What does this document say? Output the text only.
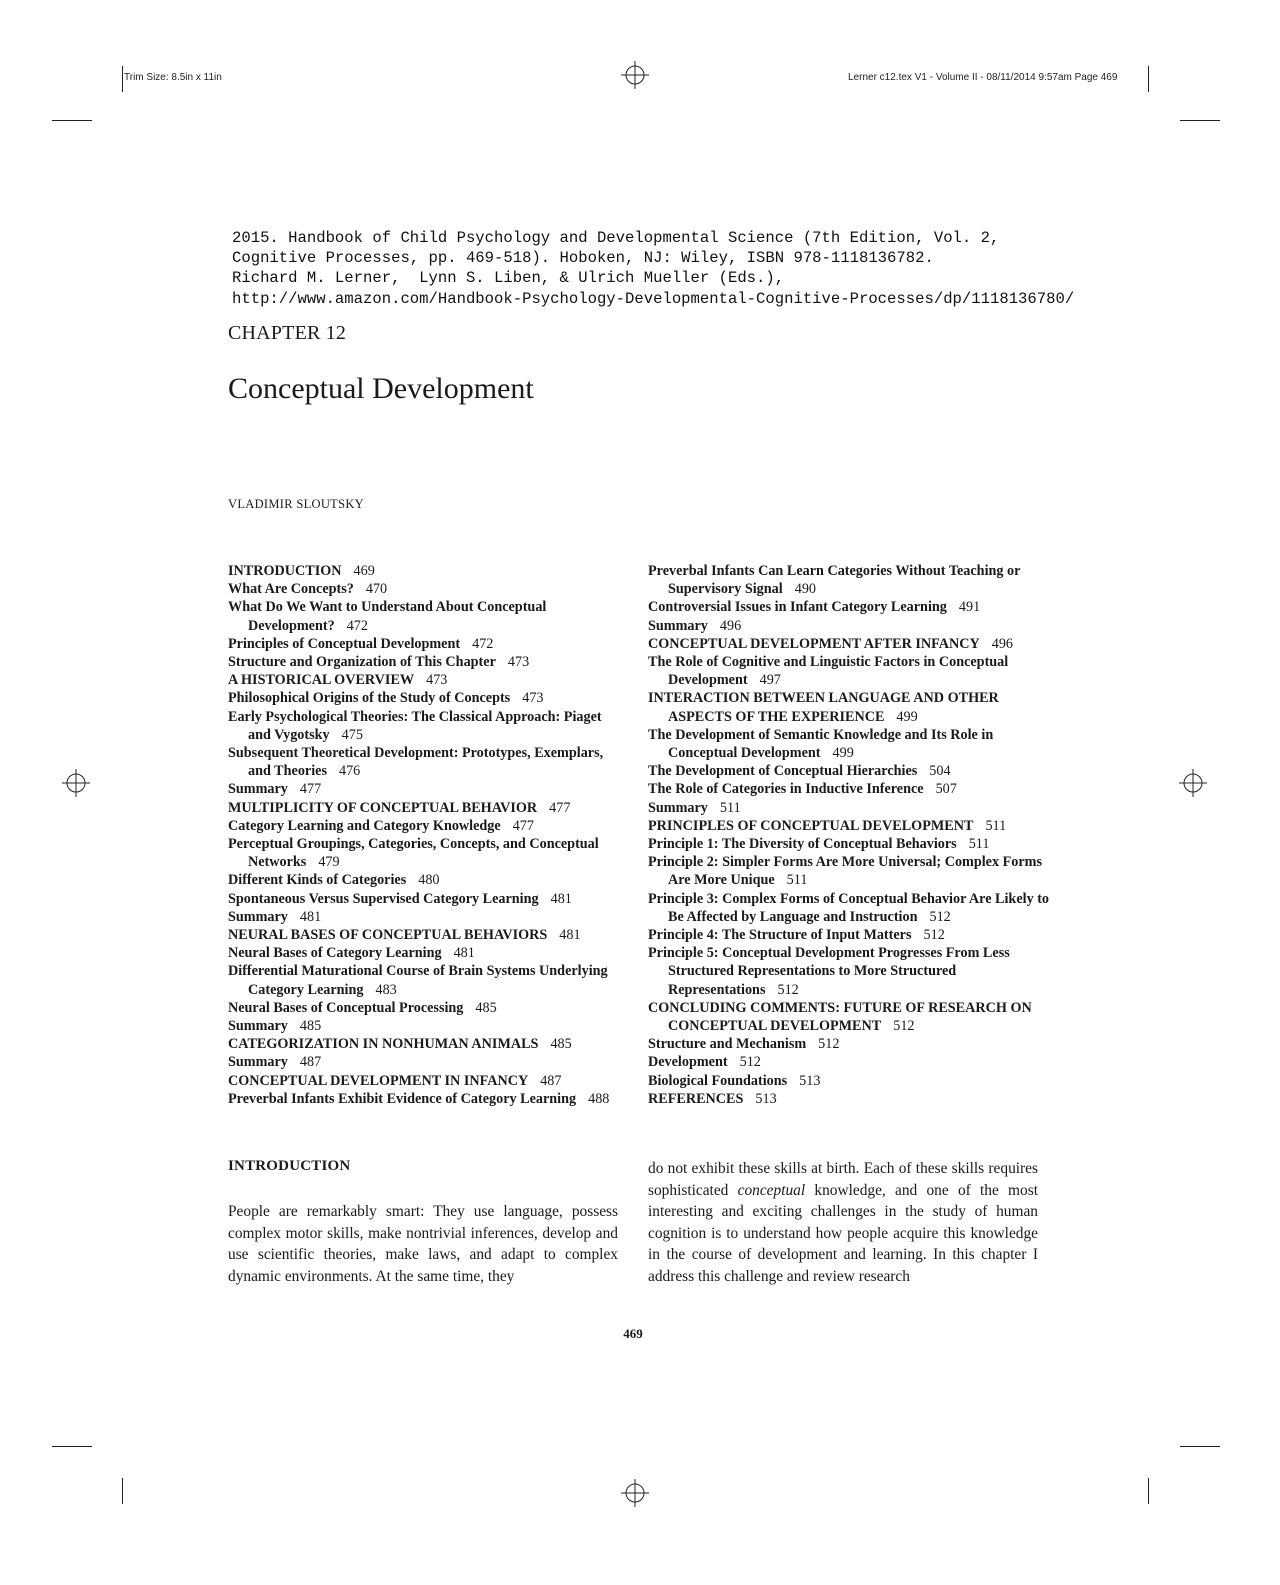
Trim Size: 8.5in x 11in	Lerner c12.tex V1 - Volume II - 08/11/2014 9:57am Page 469
2015. Handbook of Child Psychology and Developmental Science (7th Edition, Vol. 2,
Cognitive Processes, pp. 469-518). Hoboken, NJ: Wiley, ISBN 978-1118136782.
Richard M. Lerner,  Lynn S. Liben, & Ulrich Mueller (Eds.),
http://www.amazon.com/Handbook-Psychology-Developmental-Cognitive-Processes/dp/1118136780/
CHAPTER 12
Conceptual Development
VLADIMIR SLOUTSKY
INTRODUCTION 469
What Are Concepts? 470
What Do We Want to Understand About Conceptual Development? 472
Principles of Conceptual Development 472
Structure and Organization of This Chapter 473
A HISTORICAL OVERVIEW 473
Philosophical Origins of the Study of Concepts 473
Early Psychological Theories: The Classical Approach: Piaget and Vygotsky 475
Subsequent Theoretical Development: Prototypes, Exemplars, and Theories 476
Summary 477
MULTIPLICITY OF CONCEPTUAL BEHAVIOR 477
Category Learning and Category Knowledge 477
Perceptual Groupings, Categories, Concepts, and Conceptual Networks 479
Different Kinds of Categories 480
Spontaneous Versus Supervised Category Learning 481
Summary 481
NEURAL BASES OF CONCEPTUAL BEHAVIORS 481
Neural Bases of Category Learning 481
Differential Maturational Course of Brain Systems Underlying Category Learning 483
Neural Bases of Conceptual Processing 485
Summary 485
CATEGORIZATION IN NONHUMAN ANIMALS 485
Summary 487
CONCEPTUAL DEVELOPMENT IN INFANCY 487
Preverbal Infants Exhibit Evidence of Category Learning 488
Preverbal Infants Can Learn Categories Without Teaching or Supervisory Signal 490
Controversial Issues in Infant Category Learning 491
Summary 496
CONCEPTUAL DEVELOPMENT AFTER INFANCY 496
The Role of Cognitive and Linguistic Factors in Conceptual Development 497
INTERACTION BETWEEN LANGUAGE AND OTHER ASPECTS OF THE EXPERIENCE 499
The Development of Semantic Knowledge and Its Role in Conceptual Development 499
The Development of Conceptual Hierarchies 504
The Role of Categories in Inductive Inference 507
Summary 511
PRINCIPLES OF CONCEPTUAL DEVELOPMENT 511
Principle 1: The Diversity of Conceptual Behaviors 511
Principle 2: Simpler Forms Are More Universal; Complex Forms Are More Unique 511
Principle 3: Complex Forms of Conceptual Behavior Are Likely to Be Affected by Language and Instruction 512
Principle 4: The Structure of Input Matters 512
Principle 5: Conceptual Development Progresses From Less Structured Representations to More Structured Representations 512
CONCLUDING COMMENTS: FUTURE OF RESEARCH ON CONCEPTUAL DEVELOPMENT 512
Structure and Mechanism 512
Development 512
Biological Foundations 513
REFERENCES 513
INTRODUCTION
People are remarkably smart: They use language, possess complex motor skills, make nontrivial inferences, develop and use scientific theories, make laws, and adapt to complex dynamic environments. At the same time, they
do not exhibit these skills at birth. Each of these skills requires sophisticated conceptual knowledge, and one of the most interesting and exciting challenges in the study of human cognition is to understand how people acquire this knowledge in the course of development and learning. In this chapter I address this challenge and review research
469
